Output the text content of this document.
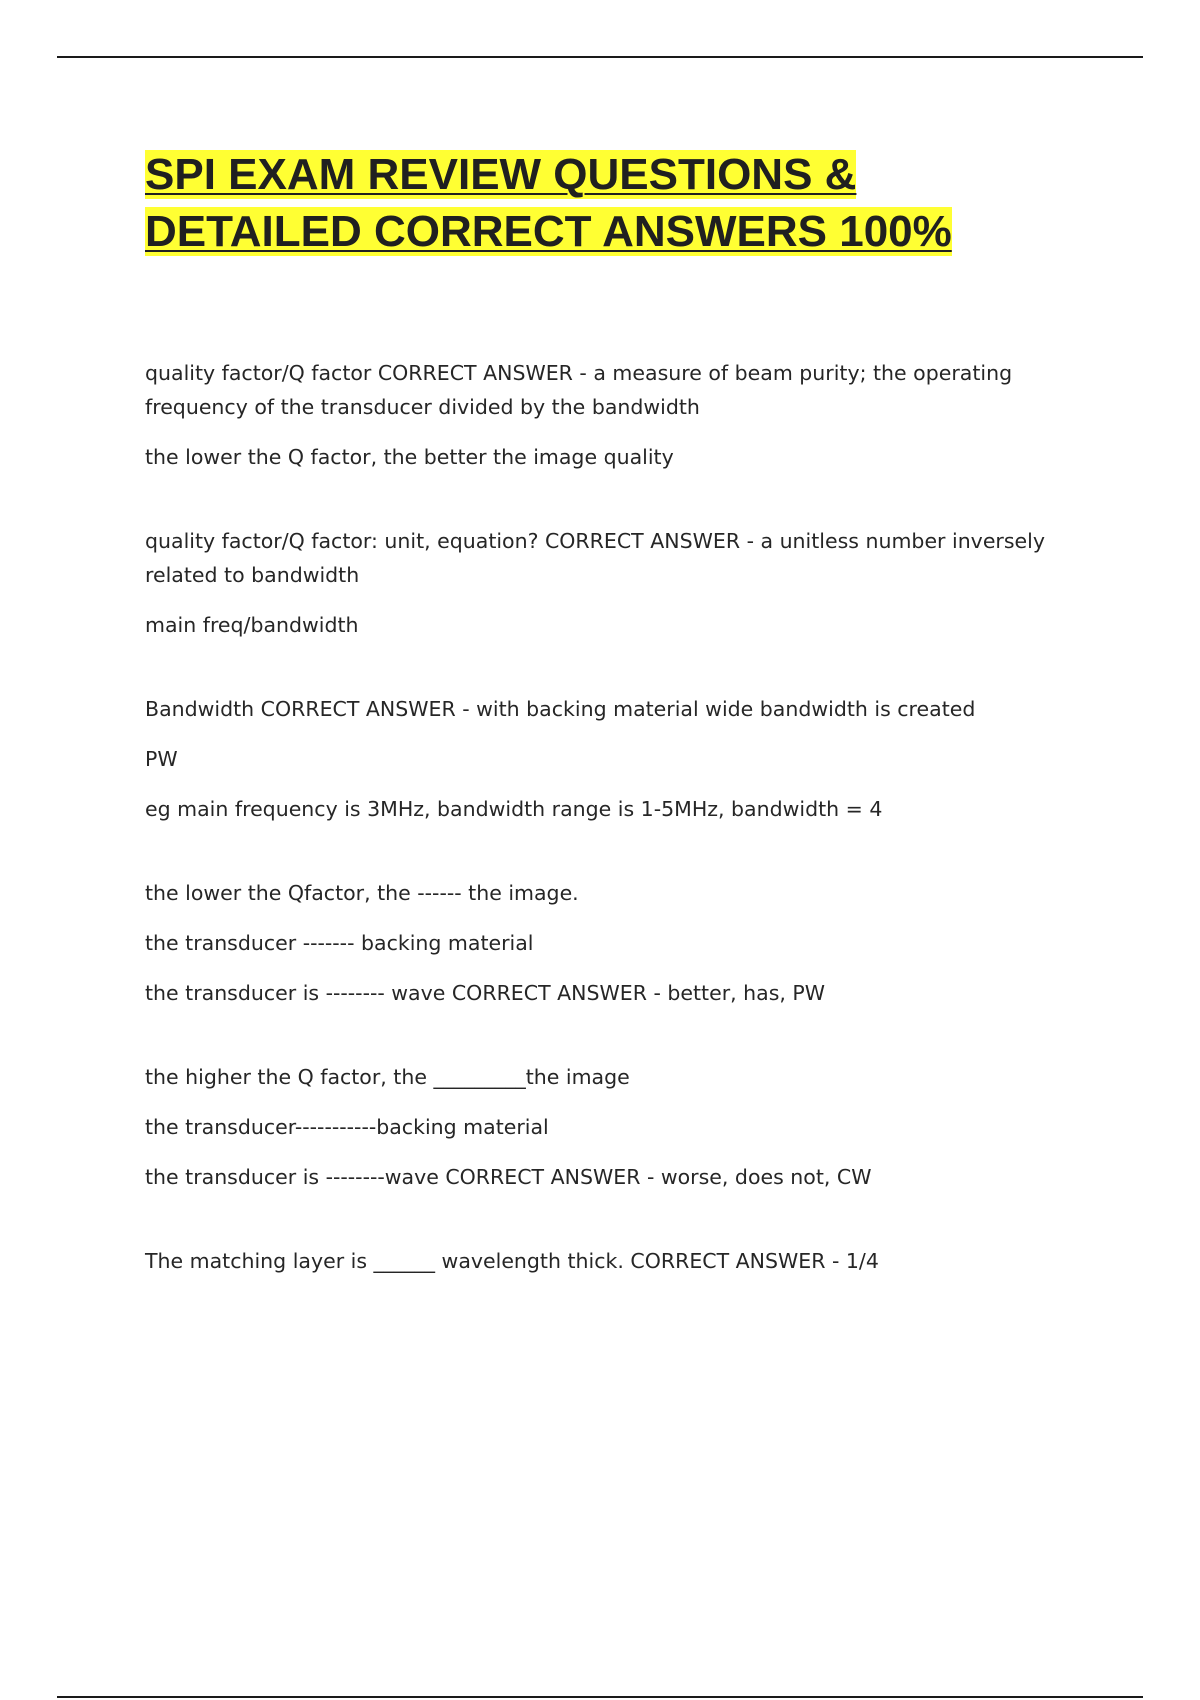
SPI EXAM REVIEW QUESTIONS &
DETAILED CORRECT ANSWERS 100%

quality factor/Q factor CORRECT ANSWER - a measure of beam purity; the operating frequency of the transducer divided by the bandwidth

the lower the Q factor, the better the image quality

quality factor/Q factor: unit, equation? CORRECT ANSWER - a unitless number inversely related to bandwidth

main freq/bandwidth

Bandwidth CORRECT ANSWER - with backing material wide bandwidth is created

PW

eg main frequency is 3MHz, bandwidth range is 1-5MHz, bandwidth = 4

the lower the Qfactor, the ------ the image.

the transducer ------- backing material

the transducer is -------- wave CORRECT ANSWER - better, has, PW

the higher the Q factor, the _________the image

the transducer-----------backing material

the transducer is --------wave CORRECT ANSWER - worse, does not, CW

The matching layer is ______ wavelength thick. CORRECT ANSWER - 1/4
